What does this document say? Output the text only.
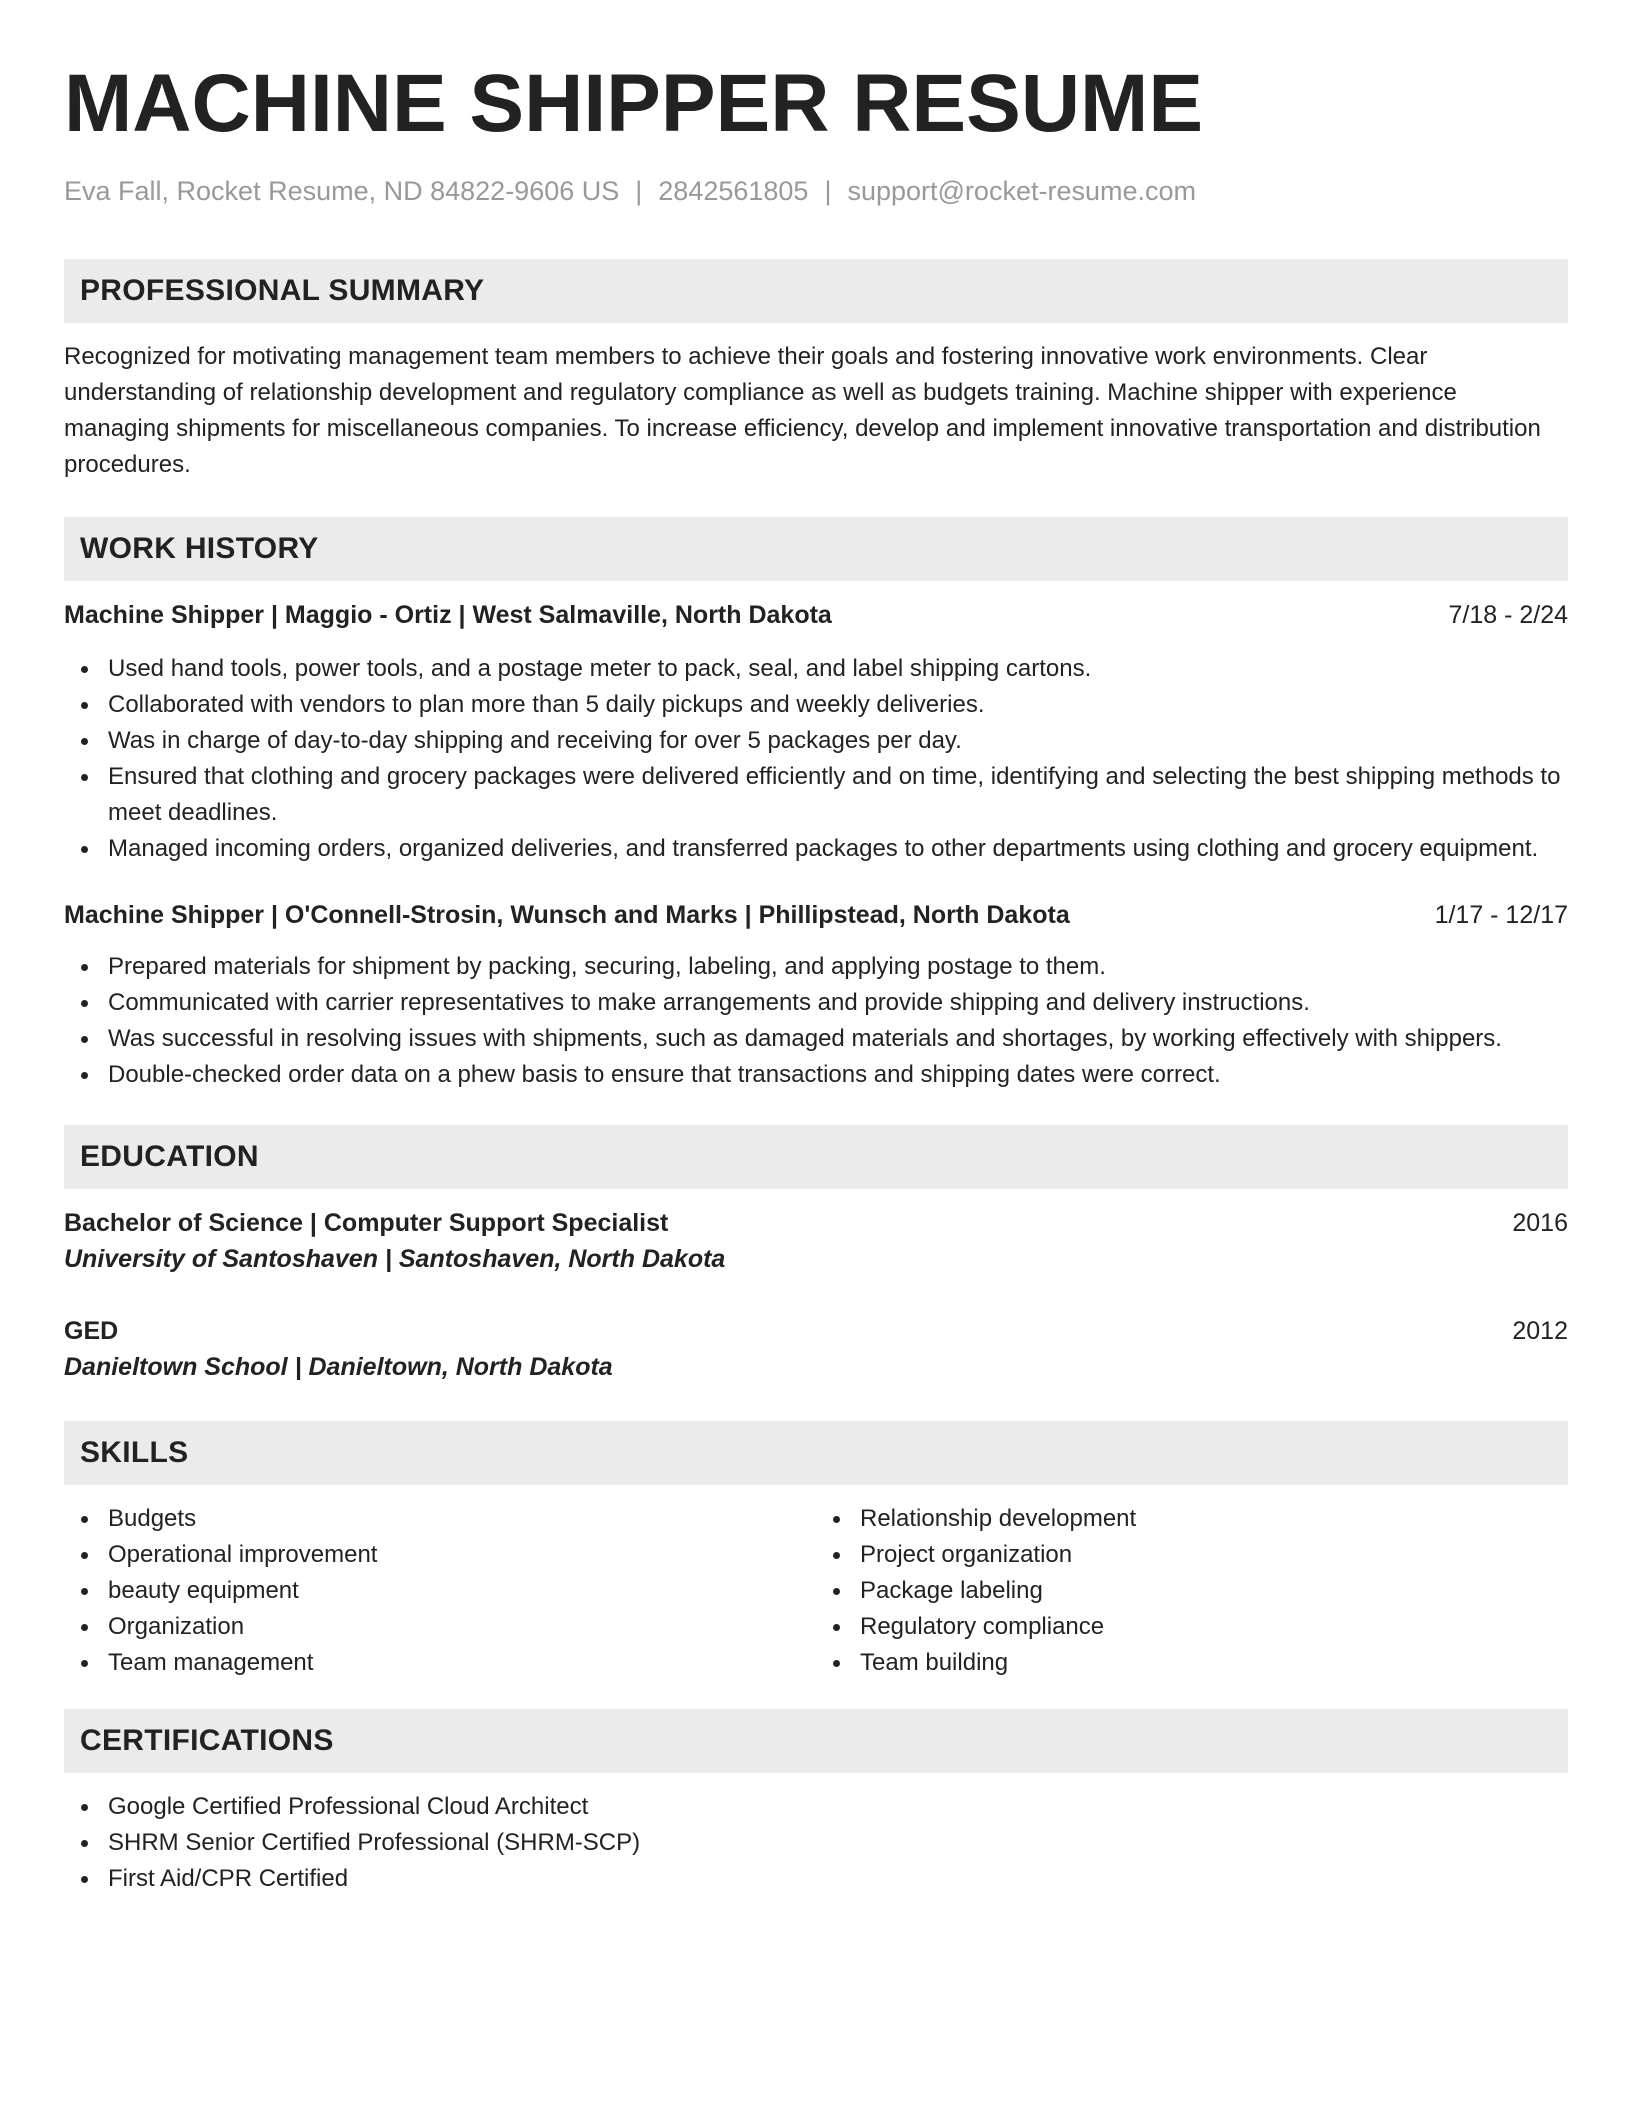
MACHINE SHIPPER RESUME
Eva Fall, Rocket Resume, ND 84822-9606 US | 2842561805 | support@rocket-resume.com
PROFESSIONAL SUMMARY

Recognized for motivating management team members to achieve their goals and fostering innovative work environments. Clear understanding of relationship development and regulatory compliance as well as budgets training. Machine shipper with experience managing shipments for miscellaneous companies. To increase efficiency, develop and implement innovative transportation and distribution procedures.

WORK HISTORY
Machine Shipper | Maggio - Ortiz | West Salmaville, North Dakota	7/18 - 2/24
Used hand tools, power tools, and a postage meter to pack, seal, and label shipping cartons.
Collaborated with vendors to plan more than 5 daily pickups and weekly deliveries.
Was in charge of day-to-day shipping and receiving for over 5 packages per day.
Ensured that clothing and grocery packages were delivered efficiently and on time, identifying and selecting the best shipping methods to meet deadlines.
Managed incoming orders, organized deliveries, and transferred packages to other departments using clothing and grocery equipment.
Machine Shipper | O'Connell-Strosin, Wunsch and Marks | Phillipstead, North Dakota	1/17 - 12/17
Prepared materials for shipment by packing, securing, labeling, and applying postage to them.
Communicated with carrier representatives to make arrangements and provide shipping and delivery instructions.
Was successful in resolving issues with shipments, such as damaged materials and shortages, by working effectively with shippers.
Double-checked order data on a phew basis to ensure that transactions and shipping dates were correct.
EDUCATION
Bachelor of Science | Computer Support Specialist	2016
University of Santoshaven | Santoshaven, North Dakota
GED	2012
Danieltown School | Danieltown, North Dakota
SKILLS
Budgets
Operational improvement
beauty equipment
Organization
Team management
Relationship development
Project organization
Package labeling
Regulatory compliance
Team building
CERTIFICATIONS
Google Certified Professional Cloud Architect
SHRM Senior Certified Professional (SHRM-SCP)
First Aid/CPR Certified
